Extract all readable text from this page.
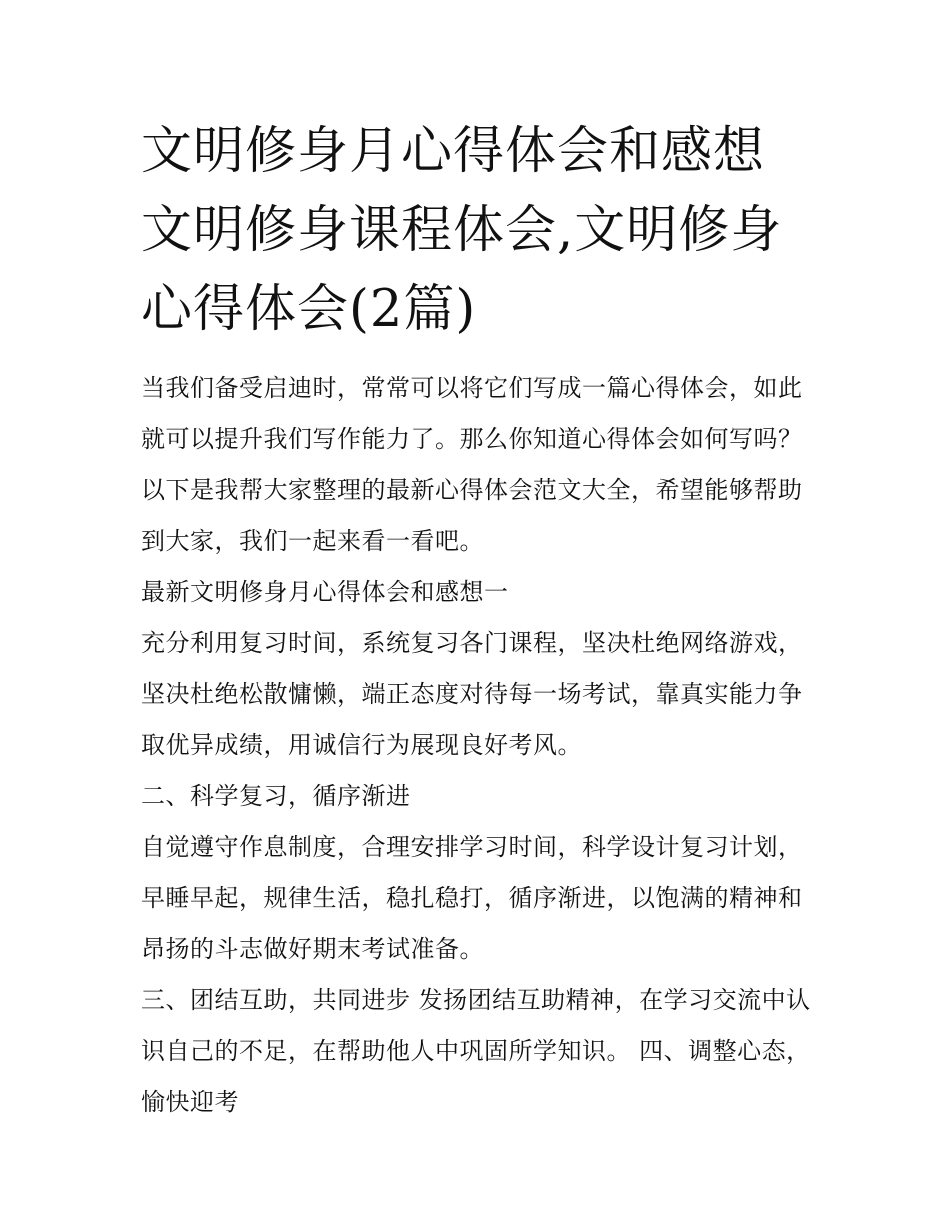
文明修身月心得体会和感想 文明修身课程体会,文明修身心得体会(2篇)

当我们备受启迪时，常常可以将它们写成一篇心得体会，如此就可以提升我们写作能力了。那么你知道心得体会如何写吗？以下是我帮大家整理的最新心得体会范文大全，希望能够帮助到大家，我们一起来看一看吧。

最新文明修身月心得体会和感想一

充分利用复习时间，系统复习各门课程，坚决杜绝网络游戏，坚决杜绝松散慵懒，端正态度对待每一场考试，靠真实能力争取优异成绩，用诚信行为展现良好考风。

二、科学复习，循序渐进

自觉遵守作息制度，合理安排学习时间，科学设计复习计划，早睡早起，规律生活，稳扎稳打，循序渐进，以饱满的精神和昂扬的斗志做好期末考试准备。

三、团结互助，共同进步 发扬团结互助精神，在学习交流中认识自己的不足，在帮助他人中巩固所学知识。 四、调整心态，愉快迎考
